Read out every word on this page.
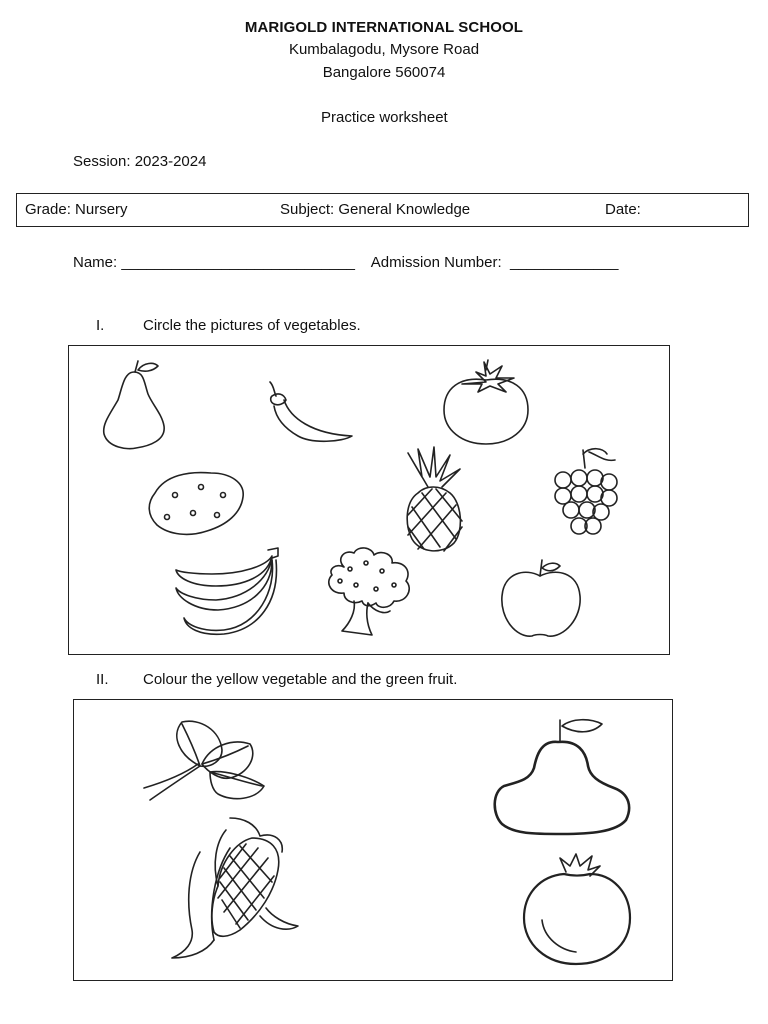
MARIGOLD INTERNATIONAL SCHOOL
Kumbalagodu, Mysore Road
Bangalore 560074
Practice worksheet
Session: 2023-2024
Grade: Nursery	Subject: General Knowledge	Date:
Name: ____________________________ Admission Number:  _____________
I.	Circle the pictures of vegetables.
II. Colour the yellow vegetable and the green fruit.
